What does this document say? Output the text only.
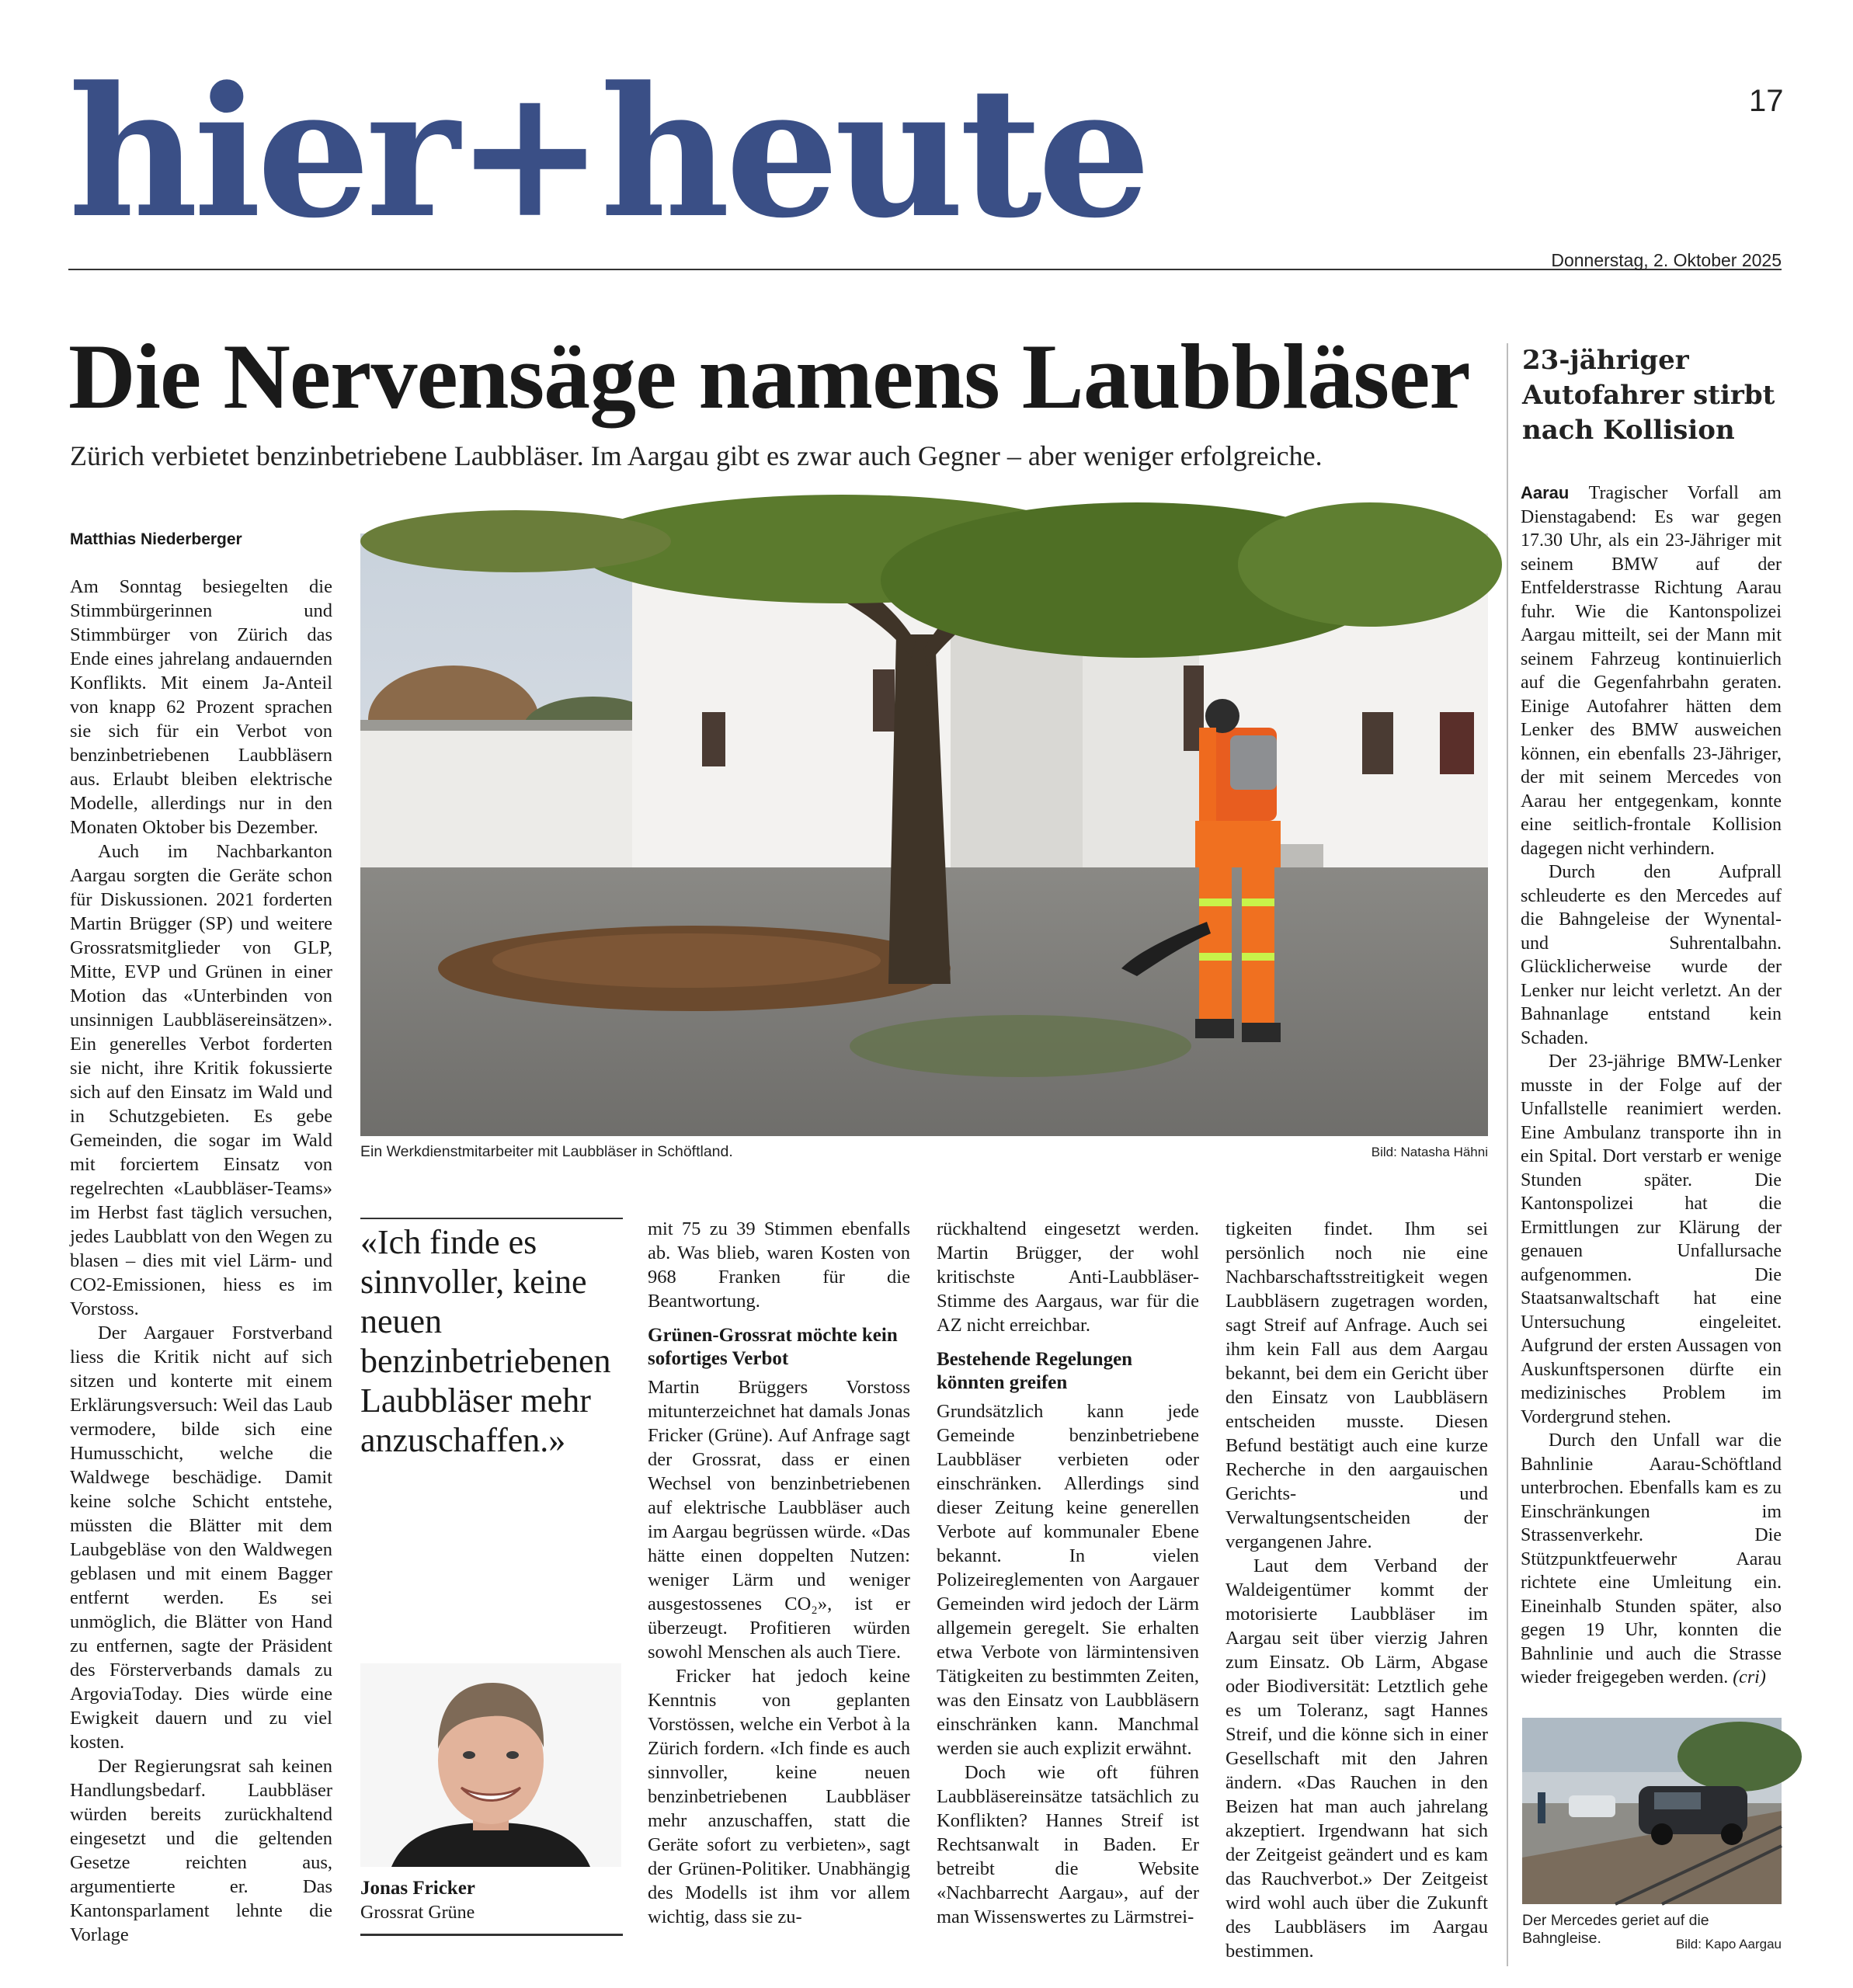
hier+heute	17
Donnerstag, 2. Oktober 2025
Die Nervensäge namens Laubbläser
Zürich verbietet benzinbetriebene Laubbläser. Im Aargau gibt es zwar auch Gegner – aber weniger erfolgreiche.
Matthias Niederberger

Am Sonntag besiegelten die Stimmbürgerinnen und Stimmbürger von Zürich das Ende eines jahrelang andauernden Konflikts. Mit einem Ja-Anteil von knapp 62 Prozent sprachen sie sich für ein Verbot von benzinbetriebenen Laubbläsern aus. Erlaubt bleiben elektrische Modelle, allerdings nur in den Monaten Oktober bis Dezember.

Auch im Nachbarkanton Aargau sorgten die Geräte schon für Diskussionen. 2021 forderten Martin Brügger (SP) und weitere Grossratsmitglieder von GLP, Mitte, EVP und Grünen in einer Motion das «Unterbinden von unsinnigen Laubbläsereinsätzen». Ein generelles Verbot forderten sie nicht, ihre Kritik fokussierte sich auf den Einsatz im Wald und in Schutzgebieten. Es gebe Gemeinden, die sogar im Wald mit forciertem Einsatz von regelrechten «Laubbläser-Teams» im Herbst fast täglich versuchen, jedes Laubblatt von den Wegen zu blasen – dies mit viel Lärm- und CO2-Emissionen, hiess es im Vorstoss.

Der Aargauer Forstverband liess die Kritik nicht auf sich sitzen und konterte mit einem Erklärungsversuch: Weil das Laub vermodere, bilde sich eine Humusschicht, welche die Waldwege beschädige. Damit keine solche Schicht entstehe, müssten die Blätter mit dem Laubgebläse von den Waldwegen geblasen und mit einem Bagger entfernt werden. Es sei unmöglich, die Blätter von Hand zu entfernen, sagte der Präsident des Försterverbands damals zu ArgoviaToday. Dies würde eine Ewigkeit dauern und zu viel kosten.

Der Regierungsrat sah keinen Handlungsbedarf. Laubbläser würden bereits zurückhaltend eingesetzt und die geltenden Gesetze reichten aus, argumentierte er. Das Kantonsparlament lehnte die Vorlage

Ein Werkdienstmitarbeiter mit Laubbläser in Schöftland.	Bild: Natasha Hähni
«Ich finde es sinnvoller, keine neuen benzinbetriebenen Laubbläser mehr anzuschaffen.»
Jonas Fricker
Grossrat Grüne

mit 75 zu 39 Stimmen ebenfalls ab. Was blieb, waren Kosten von 968 Franken für die Beantwortung.

Grünen-Grossrat möchte kein sofortiges Verbot

Martin Brüggers Vorstoss mitunterzeichnet hat damals Jonas Fricker (Grüne). Auf Anfrage sagt der Grossrat, dass er einen Wechsel von benzinbetriebenen auf elektrische Laubbläser auch im Aargau begrüssen würde. «Das hätte einen doppelten Nutzen: weniger Lärm und weniger ausgestossenes CO₂», ist er überzeugt. Profitieren würden sowohl Menschen als auch Tiere.

Fricker hat jedoch keine Kenntnis von geplanten Vorstössen, welche ein Verbot à la Zürich fordern. «Ich finde es auch sinnvoller, keine neuen benzinbetriebenen Laubbläser mehr anzuschaffen, statt die Geräte sofort zu verbieten», sagt der Grünen-Politiker. Unabhängig des Modells ist ihm vor allem wichtig, dass sie zu-

rückhaltend eingesetzt werden. Martin Brügger, der wohl kritischste Anti-Laubbläser-Stimme des Aargaus, war für die AZ nicht erreichbar.

Bestehende Regelungen könnten greifen

Grundsätzlich kann jede Gemeinde benzinbetriebene Laubbläser verbieten oder einschränken. Allerdings sind dieser Zeitung keine generellen Verbote auf kommunaler Ebene bekannt. In vielen Polizeireglementen von Aargauer Gemeinden wird jedoch der Lärm allgemein geregelt. Sie erhalten etwa Verbote von lärmintensiven Tätigkeiten zu bestimmten Zeiten, was den Einsatz von Laubbläsern einschränken kann. Manchmal werden sie auch explizit erwähnt.

Doch wie oft führen Laubbläsereinsätze tatsächlich zu Konflikten? Hannes Streif ist Rechtsanwalt in Baden. Er betreibt die Website «Nachbarrecht Aargau», auf der man Wissenswertes zu Lärmstrei-

tigkeiten findet. Ihm sei persönlich noch nie eine Nachbarschaftsstreitigkeit wegen Laubbläsern zugetragen worden, sagt Streif auf Anfrage. Auch sei ihm kein Fall aus dem Aargau bekannt, bei dem ein Gericht über den Einsatz von Laubbläsern entscheiden musste. Diesen Befund bestätigt auch eine kurze Recherche in den aargauischen Gerichts- und Verwaltungsentscheiden der vergangenen Jahre.

Laut dem Verband der Waldeigentümer kommt der motorisierte Laubbläser im Aargau seit über vierzig Jahren zum Einsatz. Ob Lärm, Abgase oder Biodiversität: Letztlich gehe es um Toleranz, sagt Hannes Streif, und die könne sich in einer Gesellschaft mit den Jahren ändern. «Das Rauchen in den Beizen hat man auch jahrelang akzeptiert. Irgendwann hat sich der Zeitgeist geändert und es kam das Rauchverbot.» Der Zeitgeist wird wohl auch über die Zukunft des Laubbläsers im Aargau bestimmen.

23-jähriger Autofahrer stirbt nach Kollision

Aarau Tragischer Vorfall am Dienstagabend: Es war gegen 17.30 Uhr, als ein 23-Jähriger mit seinem BMW auf der Entfelderstrasse Richtung Aarau fuhr. Wie die Kantonspolizei Aargau mitteilt, sei der Mann mit seinem Fahrzeug kontinuierlich auf die Gegenfahrbahn geraten. Einige Autofahrer hätten dem Lenker des BMW ausweichen können, ein ebenfalls 23-Jähriger, der mit seinem Mercedes von Aarau her entgegenkam, konnte eine seitlich-frontale Kollision dagegen nicht verhindern.

Durch den Aufprall schleuderte es den Mercedes auf die Bahngeleise der Wynental- und Suhrentalbahn. Glücklicherweise wurde der Lenker nur leicht verletzt. An der Bahnanlage entstand kein Schaden.

Der 23-jährige BMW-Lenker musste in der Folge auf der Unfallstelle reanimiert werden. Eine Ambulanz transporte ihn in ein Spital. Dort verstarb er wenige Stunden später. Die Kantonspolizei hat die Ermittlungen zur Klärung der genauen Unfallursache aufgenommen. Die Staatsanwaltschaft hat eine Untersuchung eingeleitet. Aufgrund der ersten Aussagen von Auskunftspersonen dürfte ein medizinisches Problem im Vordergrund stehen.

Durch den Unfall war die Bahnlinie Aarau-Schöftland unterbrochen. Ebenfalls kam es zu Einschränkungen im Strassenverkehr. Die Stützpunktfeuerwehr Aarau richtete eine Umleitung ein. Eineinhalb Stunden später, also gegen 19 Uhr, konnten die Bahnlinie und auch die Strasse wieder freigegeben werden. (cri)

Der Mercedes geriet auf die Bahngleise.	Bild: Kapo Aargau
